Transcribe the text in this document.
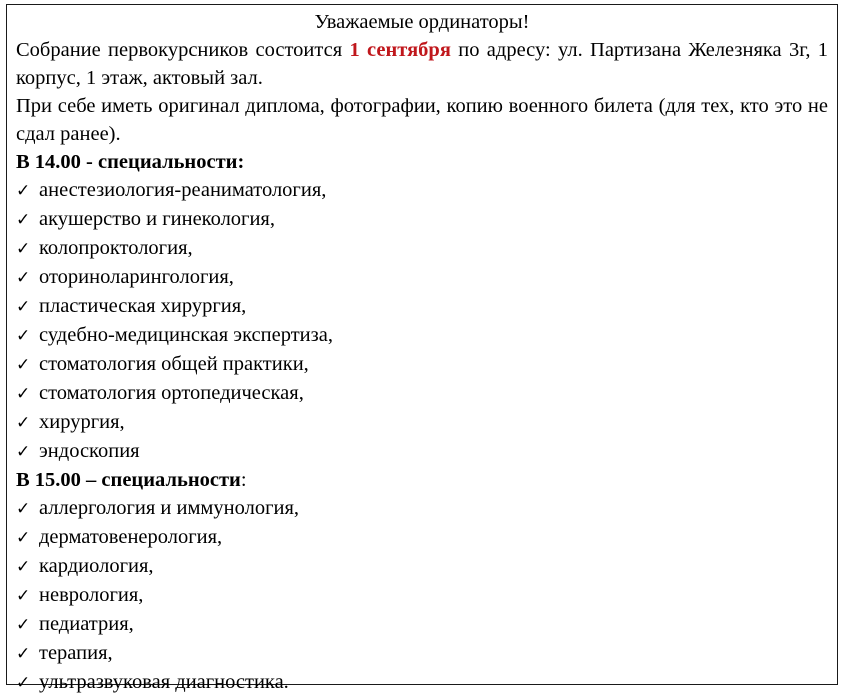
Уважаемые ординаторы!

Собрание первокурсников состоится 1 сентября по адресу: ул. Партизана Железняка 3г, 1 корпус, 1 этаж, актовый зал.

При себе иметь оригинал диплома, фотографии, копию военного билета (для тех, кто это не сдал ранее).

В 14.00 - специальности:

✓ анестезиология-реаниматология,
✓ акушерство и гинекология,
✓ колопроктология,
✓ оториноларингология,
✓ пластическая хирургия,
✓ судебно-медицинская экспертиза,
✓ стоматология общей практики,
✓ стоматология ортопедическая,
✓ хирургия,
✓ эндоскопия

В 15.00 – специальности:

✓ аллергология и иммунология,
✓ дерматовенерология,
✓ кардиология,
✓ неврология,
✓ педиатрия,
✓ терапия,
✓ ультразвуковая диагностика.
